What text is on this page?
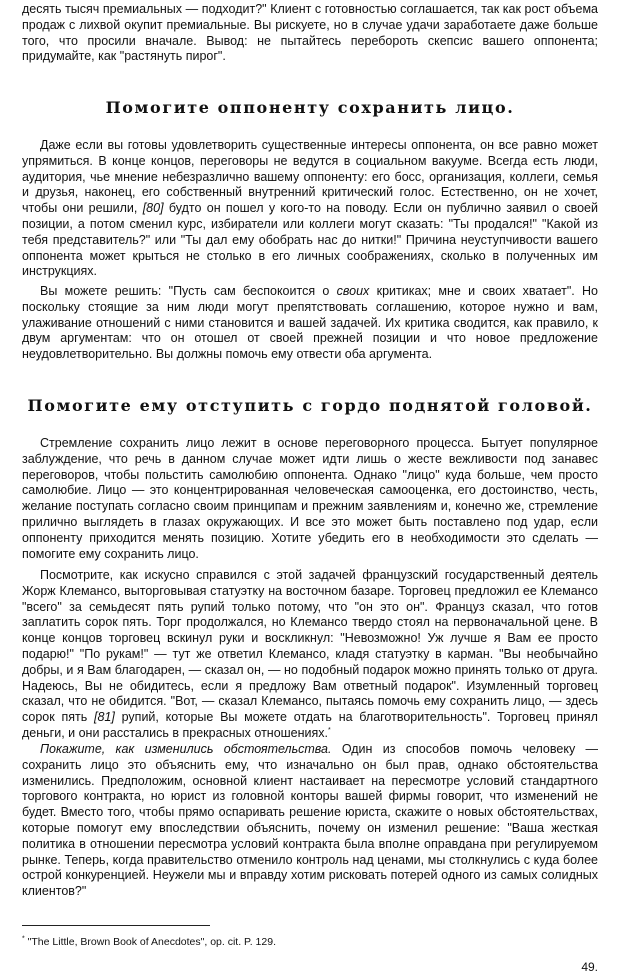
десять тысяч премиальных — подходит?" Клиент с готовностью соглашается, так как рост объема продаж с лихвой окупит премиальные. Вы рискуете, но в случае удачи заработаете даже больше того, что просили вначале. Вывод: не пытайтесь перебороть скепсис вашего оппонента; придумайте, как "растянуть пирог".

Помогите оппоненту сохранить лицо.

Даже если вы готовы удовлетворить существенные интересы оппонента, он все равно может упрямиться. В конце концов, переговоры не ведутся в социальном вакууме. Всегда есть люди, аудитория, чье мнение небезразлично вашему оппоненту: его босс, организация, коллеги, семья и друзья, наконец, его собственный внутренний критический голос. Естественно, он не хочет, чтобы они решили, [80] будто он пошел у кого-то на поводу. Если он публично заявил о своей позиции, а потом сменил курс, избиратели или коллеги могут сказать: "Ты продался!" "Какой из тебя представитель?" или "Ты дал ему обобрать нас до нитки!" Причина неуступчивости вашего оппонента может крыться не столько в его личных соображениях, сколько в полученных им инструкциях.

Вы можете решить: "Пусть сам беспокоится о своих критиках; мне и своих хватает". Но поскольку стоящие за ним люди могут препятствовать соглашению, которое нужно и вам, улаживание отношений с ними становится и вашей задачей. Их критика сводится, как правило, к двум аргументам: что он отошел от своей прежней позиции и что новое предложение неудовлетворительно. Вы должны помочь ему отвести оба аргумента.

Помогите ему отступить с гордо поднятой головой.

Стремление сохранить лицо лежит в основе переговорного процесса. Бытует популярное заблуждение, что речь в данном случае может идти лишь о жесте вежливости под занавес переговоров, чтобы польстить самолюбию оппонента. Однако "лицо" куда больше, чем просто самолюбие. Лицо — это концентрированная человеческая самооценка, его достоинство, честь, желание поступать согласно своим принципам и прежним заявлениям и, конечно же, стремление прилично выглядеть в глазах окружающих. И все это может быть поставлено под удар, если оппоненту приходится менять позицию. Хотите убедить его в необходимости это сделать — помогите ему сохранить лицо.

Посмотрите, как искусно справился с этой задачей французский государственный деятель Жорж Клемансо, выторговывая статуэтку на восточном базаре. Торговец предложил ее Клемансо "всего" за семьдесят пять рупий только потому, что "он это он". Француз сказал, что готов заплатить сорок пять. Торг продолжался, но Клемансо твердо стоял на первоначальной цене. В конце концов торговец вскинул руки и воскликнул: "Невозможно! Уж лучше я Вам ее просто подарю!" "По рукам!" — тут же ответил Клемансо, кладя статуэтку в карман. "Вы необычайно добры, и я Вам благодарен, — сказал он, — но подобный подарок можно принять только от друга. Надеюсь, Вы не обидитесь, если я предложу Вам ответный подарок". Изумленный торговец сказал, что не обидится. "Вот, — сказал Клемансо, пытаясь помочь ему сохранить лицо, — здесь сорок пять [81] рупий, которые Вы можете отдать на благотворительность". Торговец принял деньги, и они расстались в прекрасных отношениях.*

Покажите, как изменились обстоятельства. Один из способов помочь человеку — сохранить лицо это объяснить ему, что изначально он был прав, однако обстоятельства изменились. Предположим, основной клиент настаивает на пересмотре условий стандартного торгового контракта, но юрист из головной конторы вашей фирмы говорит, что изменений не будет. Вместо того, чтобы прямо оспаривать решение юриста, скажите о новых обстоятельствах, которые помогут ему впоследствии объяснить, почему он изменил решение: "Ваша жесткая политика в отношении пересмотра условий контракта была вполне оправдана при регулируемом рынке. Теперь, когда правительство отменило контроль над ценами, мы столкнулись с куда более острой конкуренцией. Неужели мы и вправду хотим рисковать потерей одного из самых солидных клиентов?"

* "The Little, Brown Book of Anecdotes", op. cit. P. 129.
49.
